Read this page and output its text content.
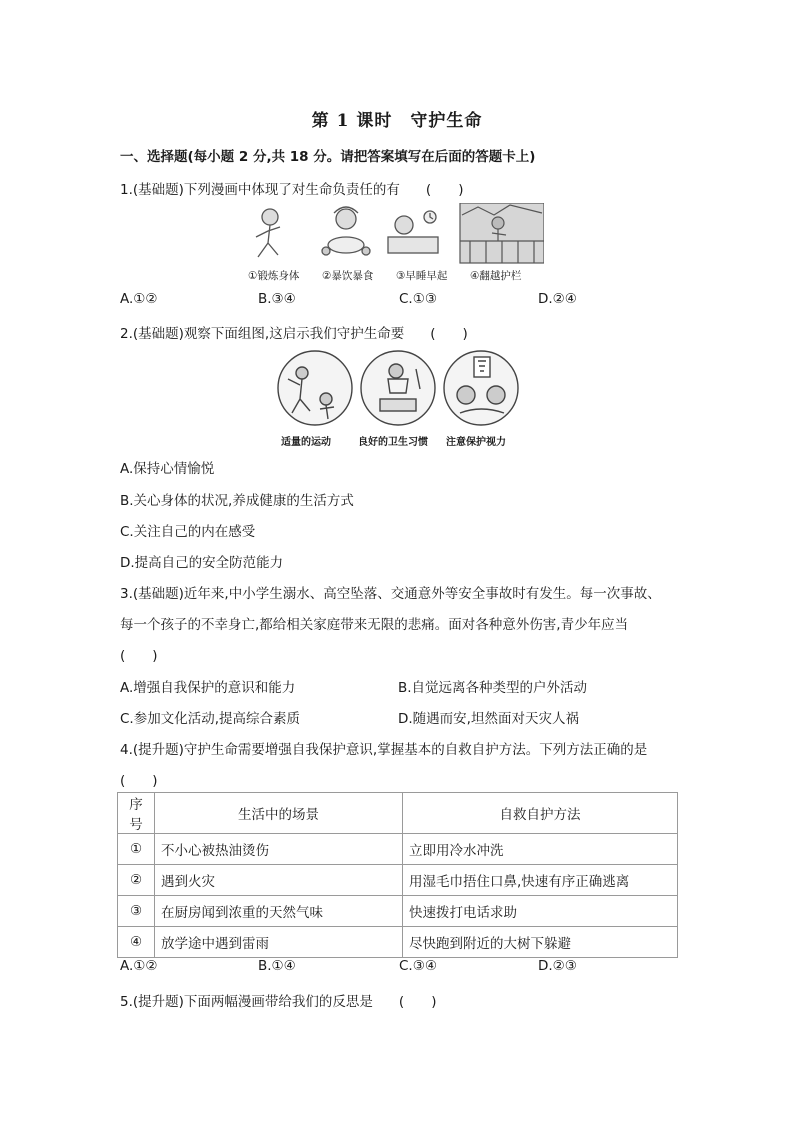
第 1 课时　守护生命
一、选择题(每小题 2 分,共 18 分。请把答案填写在后面的答题卡上)
1.(基础题)下列漫画中体现了对生命负责任的有 (　　)
①锻炼身体 ②暴饮暴食 ③早睡早起 ④翻越护栏
A.①②	B.③④	C.①③	D.②④
2.(基础题)观察下面组图,这启示我们守护生命要 (　　)
适量的运动	良好的卫生习惯 注意保护视力
A.保持心情愉悦
B.关心身体的状况,养成健康的生活方式
C.关注自己的内在感受
D.提高自己的安全防范能力
3.(基础题)近年来,中小学生溺水、高空坠落、交通意外等安全事故时有发生。每一次事故、
每一个孩子的不幸身亡,都给相关家庭带来无限的悲痛。面对各种意外伤害,青少年应当
(　　)
A.增强自我保护的意识和能力	B.自觉远离各种类型的户外活动
C.参加文化活动,提高综合素质	D.随遇而安,坦然面对天灾人祸
4.(提升题)守护生命需要增强自我保护意识,掌握基本的自救自护方法。下列方法正确的是
(　　)
序号	生活中的场景	自救自护方法
①	不小心被热油烫伤	立即用冷水冲洗
②	遇到火灾	用湿毛巾捂住口鼻,快速有序正确逃离
③	在厨房闻到浓重的天然气味	快速拨打电话求助
④	放学途中遇到雷雨	尽快跑到附近的大树下躲避
A.①②	B.①④	C.③④	D.②③
5.(提升题)下面两幅漫画带给我们的反思是 (　　)
